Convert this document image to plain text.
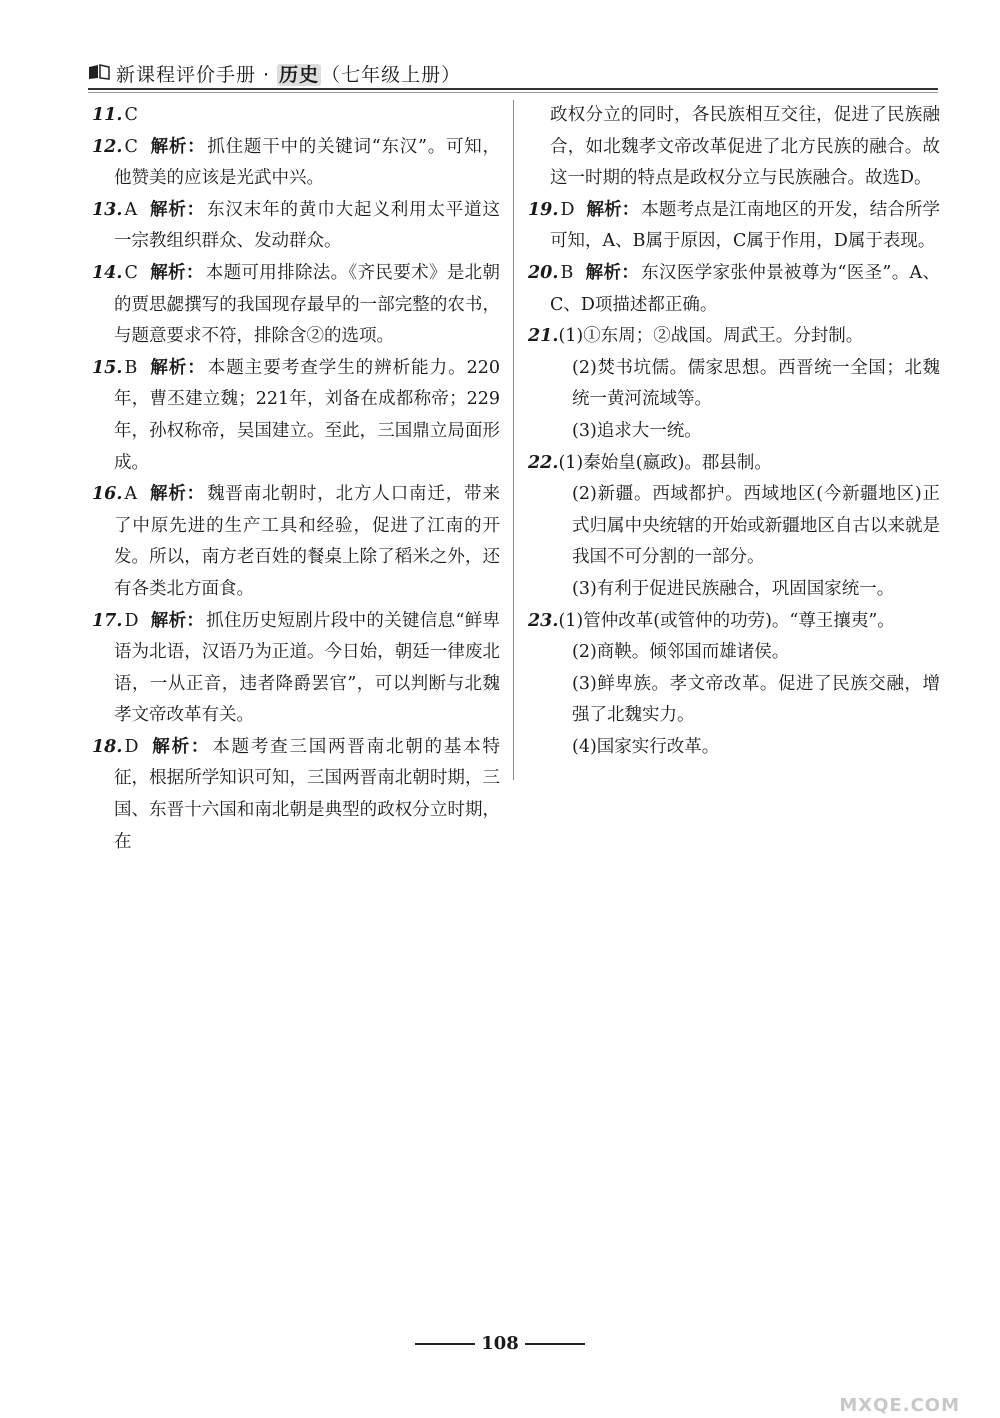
新课程评价手册 · 历史 （七年级上册）
11. C
12. C 解析： 抓住题干中的关键词“东汉”。可知，他赞美的应该是光武中兴。
13. A 解析： 东汉末年的黄巾大起义利用太平道这一宗教组织群众、发动群众。
14. C 解析： 本题可用排除法。《齐民要术》是北朝的贾思勰撰写的我国现存最早的一部完整的农书，与题意要求不符，排除含②的选项。
15. B 解析： 本题主要考查学生的辨析能力。220年，曹丕建立魏；221年，刘备在成都称帝；229年，孙权称帝，吴国建立。至此，三国鼎立局面形成。
16. A 解析： 魏晋南北朝时，北方人口南迁，带来了中原先进的生产工具和经验，促进了江南的开发。所以，南方老百姓的餐桌上除了稻米之外，还有各类北方面食。
17. D 解析： 抓住历史短剧片段中的关键信息“鲜卑语为北语，汉语乃为正道。今日始，朝廷一律废北语，一从正音，违者降爵罢官”，可以判断与北魏孝文帝改革有关。
18. D 解析： 本题考查三国两晋南北朝的基本特征，根据所学知识可知，三国两晋南北朝时期，三国、东晋十六国和南北朝是典型的政权分立时期，在
政权分立的同时，各民族相互交往，促进了民族融合，如北魏孝文帝改革促进了北方民族的融合。故这一时期的特点是政权分立与民族融合。故选D。
19. D 解析： 本题考点是江南地区的开发，结合所学可知，A、B属于原因，C属于作用，D属于表现。
20. B 解析： 东汉医学家张仲景被尊为“医圣”。A、C、D项描述都正确。
21.(1)①东周；②战国。周武王。分封制。
(2)焚书坑儒。儒家思想。西晋统一全国；北魏统一黄河流域等。
(3)追求大一统。
22.(1)秦始皇(嬴政)。郡县制。
(2)新疆。西域都护。西域地区(今新疆地区)正式归属中央统辖的开始或新疆地区自古以来就是我国不可分割的一部分。
(3)有利于促进民族融合，巩固国家统一。
23.(1)管仲改革(或管仲的功劳)。“尊王攘夷”。
(2)商鞅。倾邻国而雄诸侯。
(3)鲜卑族。孝文帝改革。促进了民族交融，增强了北魏实力。
(4)国家实行改革。
108
MXQE.COM
